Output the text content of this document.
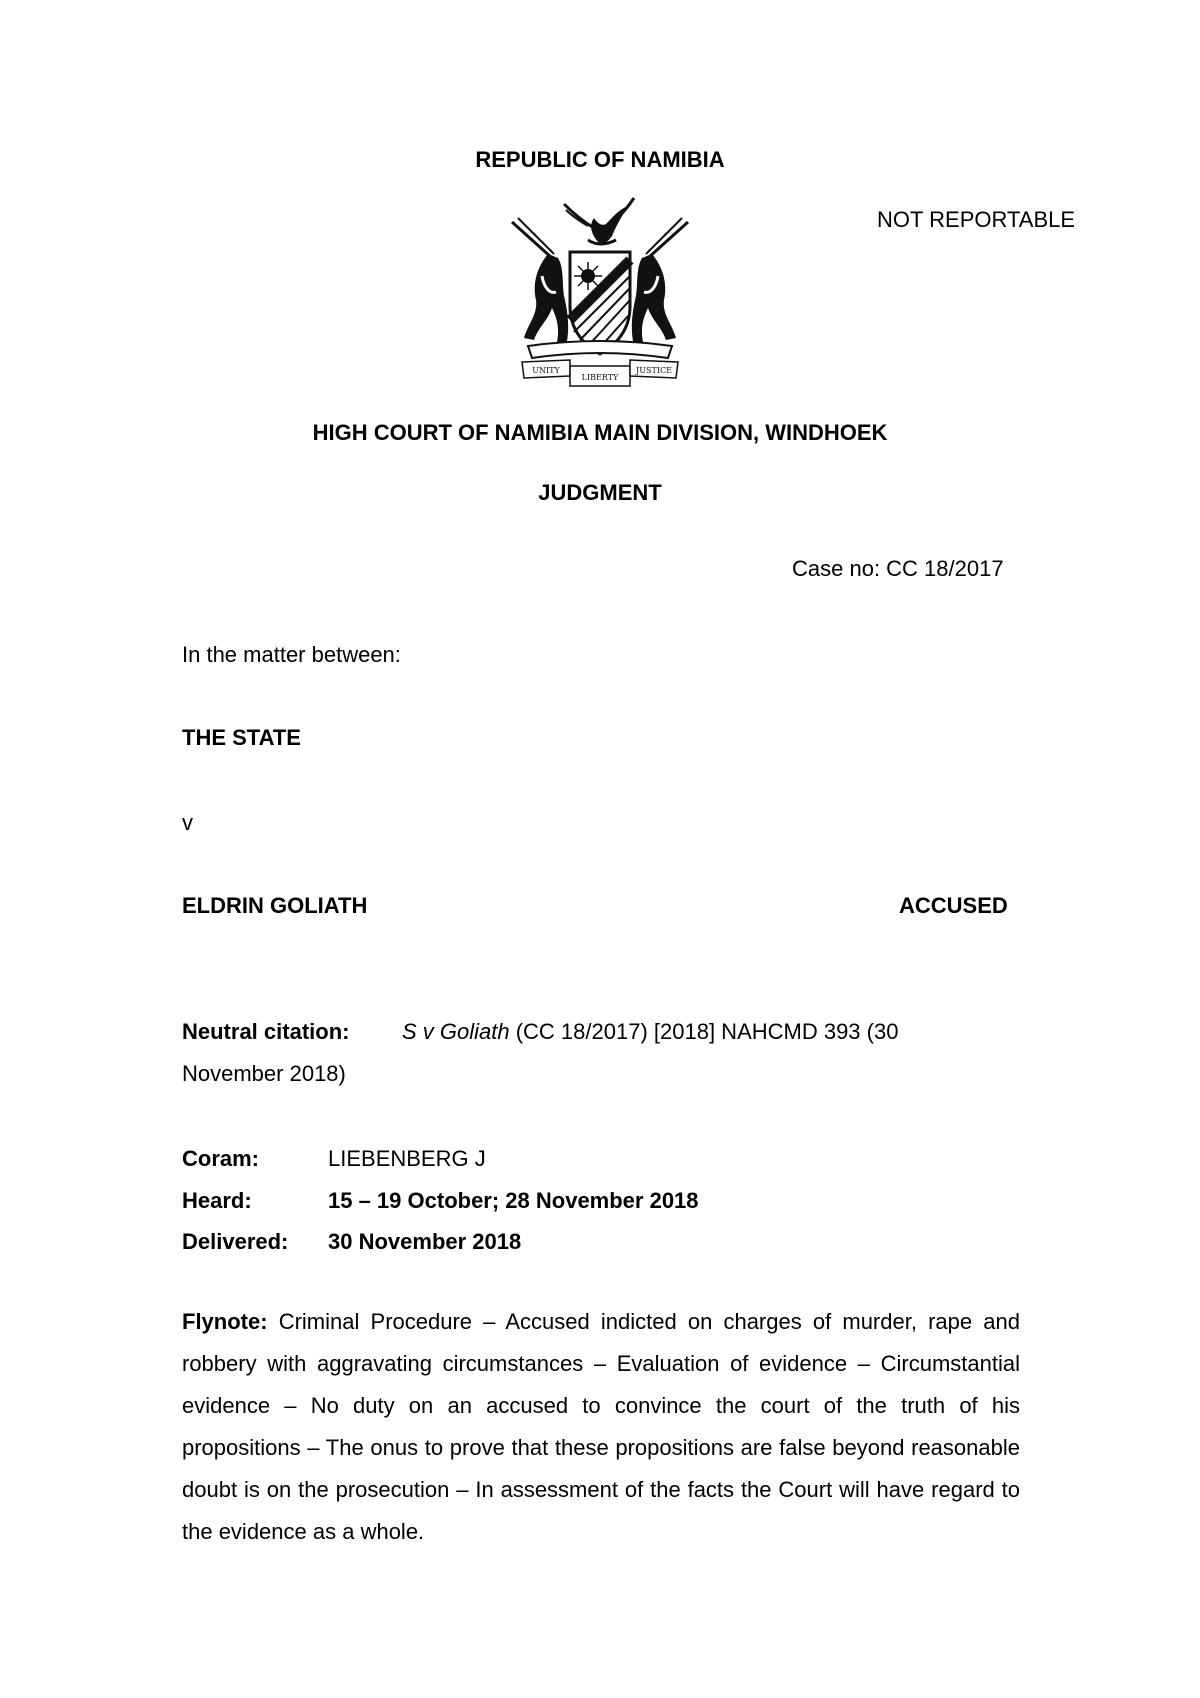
REPUBLIC OF NAMIBIA
NOT REPORTABLE
UNITY
LIBERTY
JUSTICE
HIGH COURT OF NAMIBIA MAIN DIVISION, WINDHOEK
JUDGMENT
Case no: CC 18/2017
In the matter between:
THE STATE
v
ELDRIN GOLIATH	ACCUSED
Neutral citation: S v Goliath (CC 18/2017) [2018] NAHCMD 393 (30
November 2018)
Coram:	LIEBENBERG J
Heard:	15 – 19 October; 28 November 2018
Delivered: 30 November 2018
Flynote: Criminal Procedure – Accused indicted on charges of murder, rape and robbery with aggravating circumstances – Evaluation of evidence – Circumstantial evidence – No duty on an accused to convince the court of the truth of his propositions – The onus to prove that these propositions are false beyond reasonable doubt is on the prosecution – In assessment of the facts the Court will have regard to the evidence as a whole.
